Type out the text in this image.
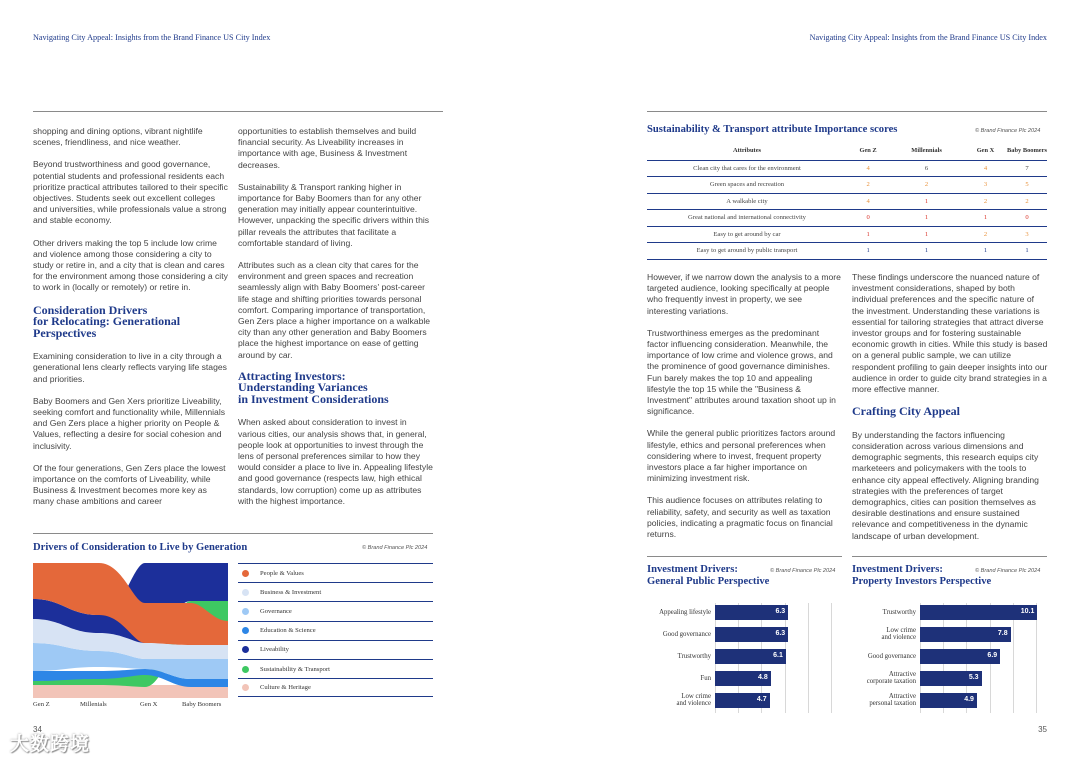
Navigating City Appeal: Insights from the Brand Finance US City Index

shopping and dining options, vibrant nightlife scenes, friendliness, and nice weather.

Beyond trustworthiness and good governance, potential students and professional residents each prioritize practical attributes tailored to their specific objectives. Students seek out excellent colleges and universities, while professionals value a strong and stable economy.

Other drivers making the top 5 include low crime and violence among those considering a city to study or retire in, and a city that is clean and cares for the environment among those considering a city to work in (locally or remotely) or retire in.

Consideration Drivers
for Relocating: Generational
Perspectives

Examining consideration to live in a city through a generational lens clearly reflects varying life stages and priorities.

Baby Boomers and Gen Xers prioritize Liveability, seeking comfort and functionality while, Millennials and Gen Zers place a higher priority on People & Values, reflecting a desire for social cohesion and inclusivity.

Of the four generations, Gen Zers place the lowest importance on the comforts of Liveability, while Business & Investment becomes more key as many chase ambitions and career

opportunities to establish themselves and build financial security. As Liveability increases in importance with age, Business & Investment decreases.

Sustainability & Transport ranking higher in importance for Baby Boomers than for any other generation may initially appear counterintuitive. However, unpacking the specific drivers within this pillar reveals the attributes that facilitate a comfortable standard of living.

Attributes such as a clean city that cares for the environment and green spaces and recreation seamlessly align with Baby Boomers' post-career life stage and shifting priorities towards personal comfort. Comparing importance of transportation, Gen Zers place a higher importance on a walkable city than any other generation and Baby Boomers place the highest importance on ease of getting around by car.

Attracting Investors:
Understanding Variances
in Investment Considerations

When asked about consideration to invest in various cities, our analysis shows that, in general, people look at opportunities to invest through the lens of personal preferences similar to how they would consider a place to live in. Appealing lifestyle and good governance (respects law, high ethical standards, low corruption) come up as attributes with the highest importance.

Drivers of Consideration to Live by Generation	© Brand Finance Plc 2024
People & Values
Business & Investment
Governance
Education & Science
Liveability
Sustainability & Transport
Culture & Heritage
Gen Z	Millenials	Gen X	Baby Boomers
34
Navigating City Appeal: Insights from the Brand Finance US City Index
35
Sustainability & Transport attribute Importance scores	© Brand Finance Plc 2024
Attributes	Gen Z	Millennials	Gen X	Baby Boomers
Clean city that cares for the environment	4	6	4	7
Green spaces and recreation	2	2	3	5
A walkable city	4	1	2	2
Great national and international connectivity	0	1	1	0
Easy to get around by car	1	1	2	3
Easy to get around by public transport	1	1	1	1

However, if we narrow down the analysis to a more targeted audience, looking specifically at people who frequently invest in property, we see interesting variations.

Trustworthiness emerges as the predominant factor influencing consideration. Meanwhile, the importance of low crime and violence grows, and the prominence of good governance diminishes. Fun barely makes the top 10 and appealing lifestyle the top 15 while the "Business & Investment" attributes around taxation shoot up in significance.

While the general public prioritizes factors around lifestyle, ethics and personal preferences when considering where to invest, frequent property investors place a far higher importance on minimizing investment risk.

This audience focuses on attributes relating to reliability, safety, and security as well as taxation policies, indicating a pragmatic focus on financial returns.

These findings underscore the nuanced nature of investment considerations, shaped by both individual preferences and the specific nature of the investment. Understanding these variations is essential for tailoring strategies that attract diverse investor groups and for fostering sustainable economic growth in cities. While this study is based on a general public sample, we can utilize respondent profiling to gain deeper insights into our audience in order to guide city brand strategies in a more effective manner.

Crafting City Appeal

By understanding the factors influencing consideration across various dimensions and demographic segments, this research equips city marketeers and policymakers with the tools to enhance city appeal effectively. Aligning branding strategies with the preferences of target demographics, cities can position themselves as desirable destinations and ensure sustained relevance and competitiveness in the dynamic landscape of urban development.

Investment Drivers:
General Public Perspective
© Brand Finance Plc 2024 Investment Drivers:
Property Investors Perspective
© Brand Finance Plc 2024
Appealing lifestyle	6.3
Good governance	6.3
Trustworthy	6.1
Fun	4.8
Low crime
and violence
4.7
Trustworthy	10.1
Low crime
and violence
7.8
Good governance	6.9
Attractive
corporate taxation
5.3
Attractive
personal taxation
4.9
大数跨境
